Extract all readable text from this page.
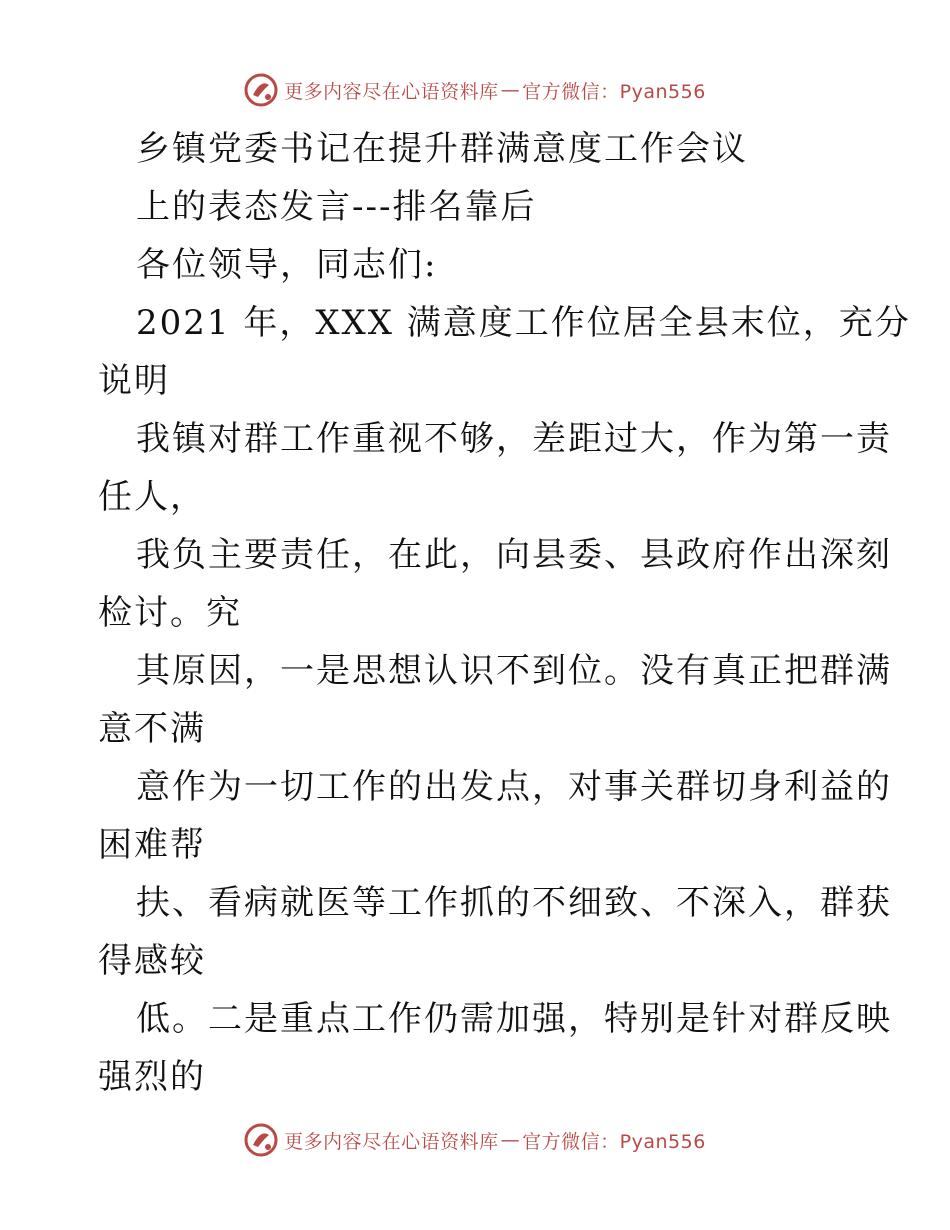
更多内容尽在心语资料库 — 官方微信：Pyan556
乡镇党委书记在提升群满意度工作会议
上的表态发言---排名靠后
各位领导，同志们:
2021 年，XXX 满意度工作位居全县末位，充分
说明
我镇对群工作重视不够，差距过大，作为第一责
任人，
我负主要责任，在此，向县委、县政府作出深刻
检讨。究
其原因，一是思想认识不到位。没有真正把群满
意不满
意作为一切工作的出发点，对事关群切身利益的
困难帮
扶、看病就医等工作抓的不细致、不深入，群获
得感较
低。二是重点工作仍需加强，特别是针对群反映
强烈的
更多内容尽在心语资料库 — 官方微信：Pyan556
